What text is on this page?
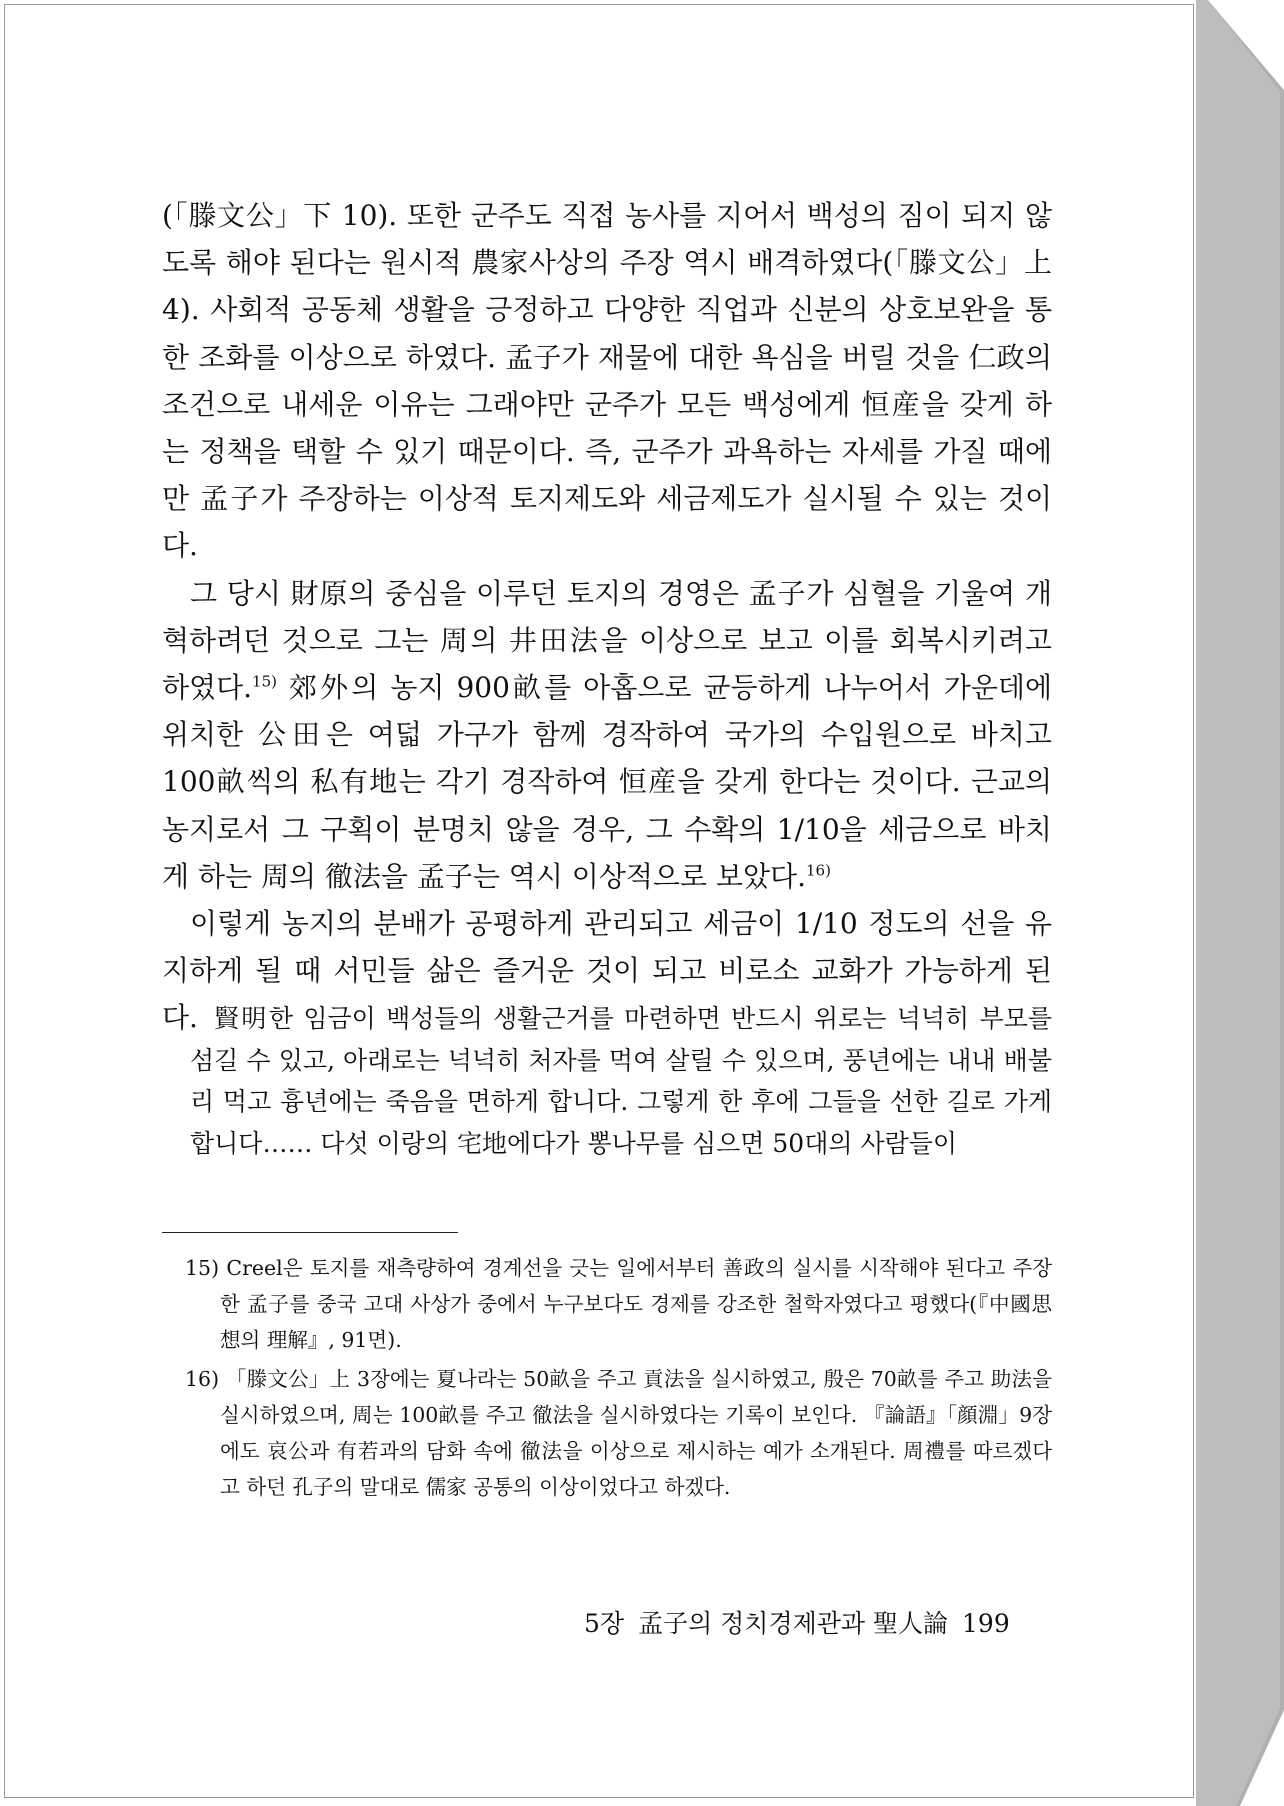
(「滕文公」下 10). 또한 군주도 직접 농사를 지어서 백성의 짐이 되지 않도록 해야 된다는 원시적 農家사상의 주장 역시 배격하였다(「滕文公」上 4). 사회적 공동체 생활을 긍정하고 다양한 직업과 신분의 상호보완을 통한 조화를 이상으로 하였다. 孟子가 재물에 대한 욕심을 버릴 것을 仁政의 조건으로 내세운 이유는 그래야만 군주가 모든 백성에게 恒産을 갖게 하는 정책을 택할 수 있기 때문이다. 즉, 군주가 과욕하는 자세를 가질 때에만 孟子가 주장하는 이상적 토지제도와 세금제도가 실시될 수 있는 것이다.

그 당시 財原의 중심을 이루던 토지의 경영은 孟子가 심혈을 기울여 개혁하려던 것으로 그는 周의 井田法을 이상으로 보고 이를 회복시키려고 하였다.$^{15)}$ 郊外의 농지 900畝를 아홉으로 균등하게 나누어서 가운데에 위치한 公田은 여덟 가구가 함께 경작하여 국가의 수입원으로 바치고 100畝씩의 私有地는 각기 경작하여 恒産을 갖게 한다는 것이다. 근교의 농지로서 그 구획이 분명치 않을 경우, 그 수확의 1/10을 세금으로 바치게 하는 周의 徹法을 孟子는 역시 이상적으로 보았다.$^{16)}$

이렇게 농지의 분배가 공평하게 관리되고 세금이 1/10 정도의 선을 유지하게 될 때 서민들 삶은 즐거운 것이 되고 비로소 교화가 가능하게 된다. 賢明한 임금이 백성들의 생활근거를 마련하면 반드시 위로는 넉넉히 부모를 섬길 수 있고, 아래로는 넉넉히 처자를 먹여 살릴 수 있으며, 풍년에는 내내 배불리 먹고 흉년에는 죽음을 면하게 합니다. 그렇게 한 후에 그들을 선한 길로 가게 합니다…… 다섯 이랑의 宅地에다가 뽕나무를 심으면 50대의 사람들이

15) Creel은 토지를 재측량하여 경계선을 긋는 일에서부터 善政의 실시를 시작해야 된다고 주장한 孟子를 중국 고대 사상가 중에서 누구보다도 경제를 강조한 철학자였다고 평했다(『中國思想의 理解』, 91면).

16) 「滕文公」上 3장에는 夏나라는 50畝을 주고 貢法을 실시하였고, 殷은 70畝를 주고 助法을 실시하였으며, 周는 100畝를 주고 徹法을 실시하였다는 기록이 보인다. 『論語』「顔淵」9장에도 哀公과 有若과의 담화 속에 徹法을 이상으로 제시하는 예가 소개된다. 周禮를 따르겠다고 하던 孔子의 말대로 儒家 공통의 이상이었다고 하겠다.

5장 孟子의 정치경제관과 聖人論 199
